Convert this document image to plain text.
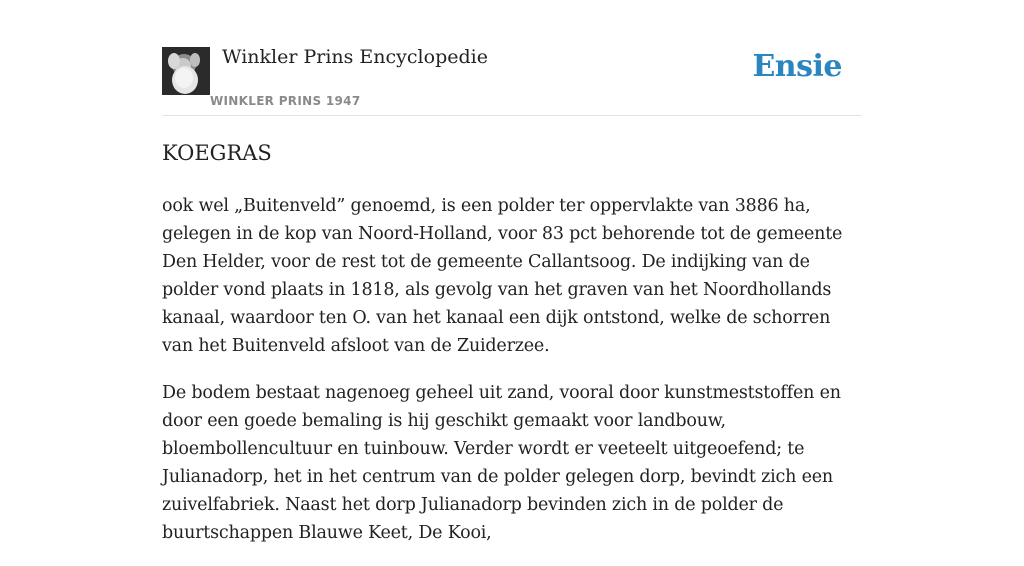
Winkler Prins Encyclopedie
WINKLER PRINS 1947
Ensie
KOEGRAS

ook wel „Buitenveld” genoemd, is een polder ter oppervlakte van 3886 ha, gelegen in de kop van Noord-Holland, voor 83 pct behorende tot de gemeente Den Helder, voor de rest tot de gemeente Callantsoog. De indijking van de polder vond plaats in 1818, als gevolg van het graven van het Noordhollands kanaal, waardoor ten O. van het kanaal een dijk ontstond, welke de schorren van het Buitenveld afsloot van de Zuiderzee.

De bodem bestaat nagenoeg geheel uit zand, vooral door kunstmeststoffen en door een goede bemaling is hij geschikt gemaakt voor landbouw, bloembollencultuur en tuinbouw. Verder wordt er veeteelt uitgeoefend; te Julianadorp, het in het centrum van de polder gelegen dorp, bevindt zich een zuivelfabriek. Naast het dorp Julianadorp bevinden zich in de polder de buurtschappen Blauwe Keet, De Kooi,
